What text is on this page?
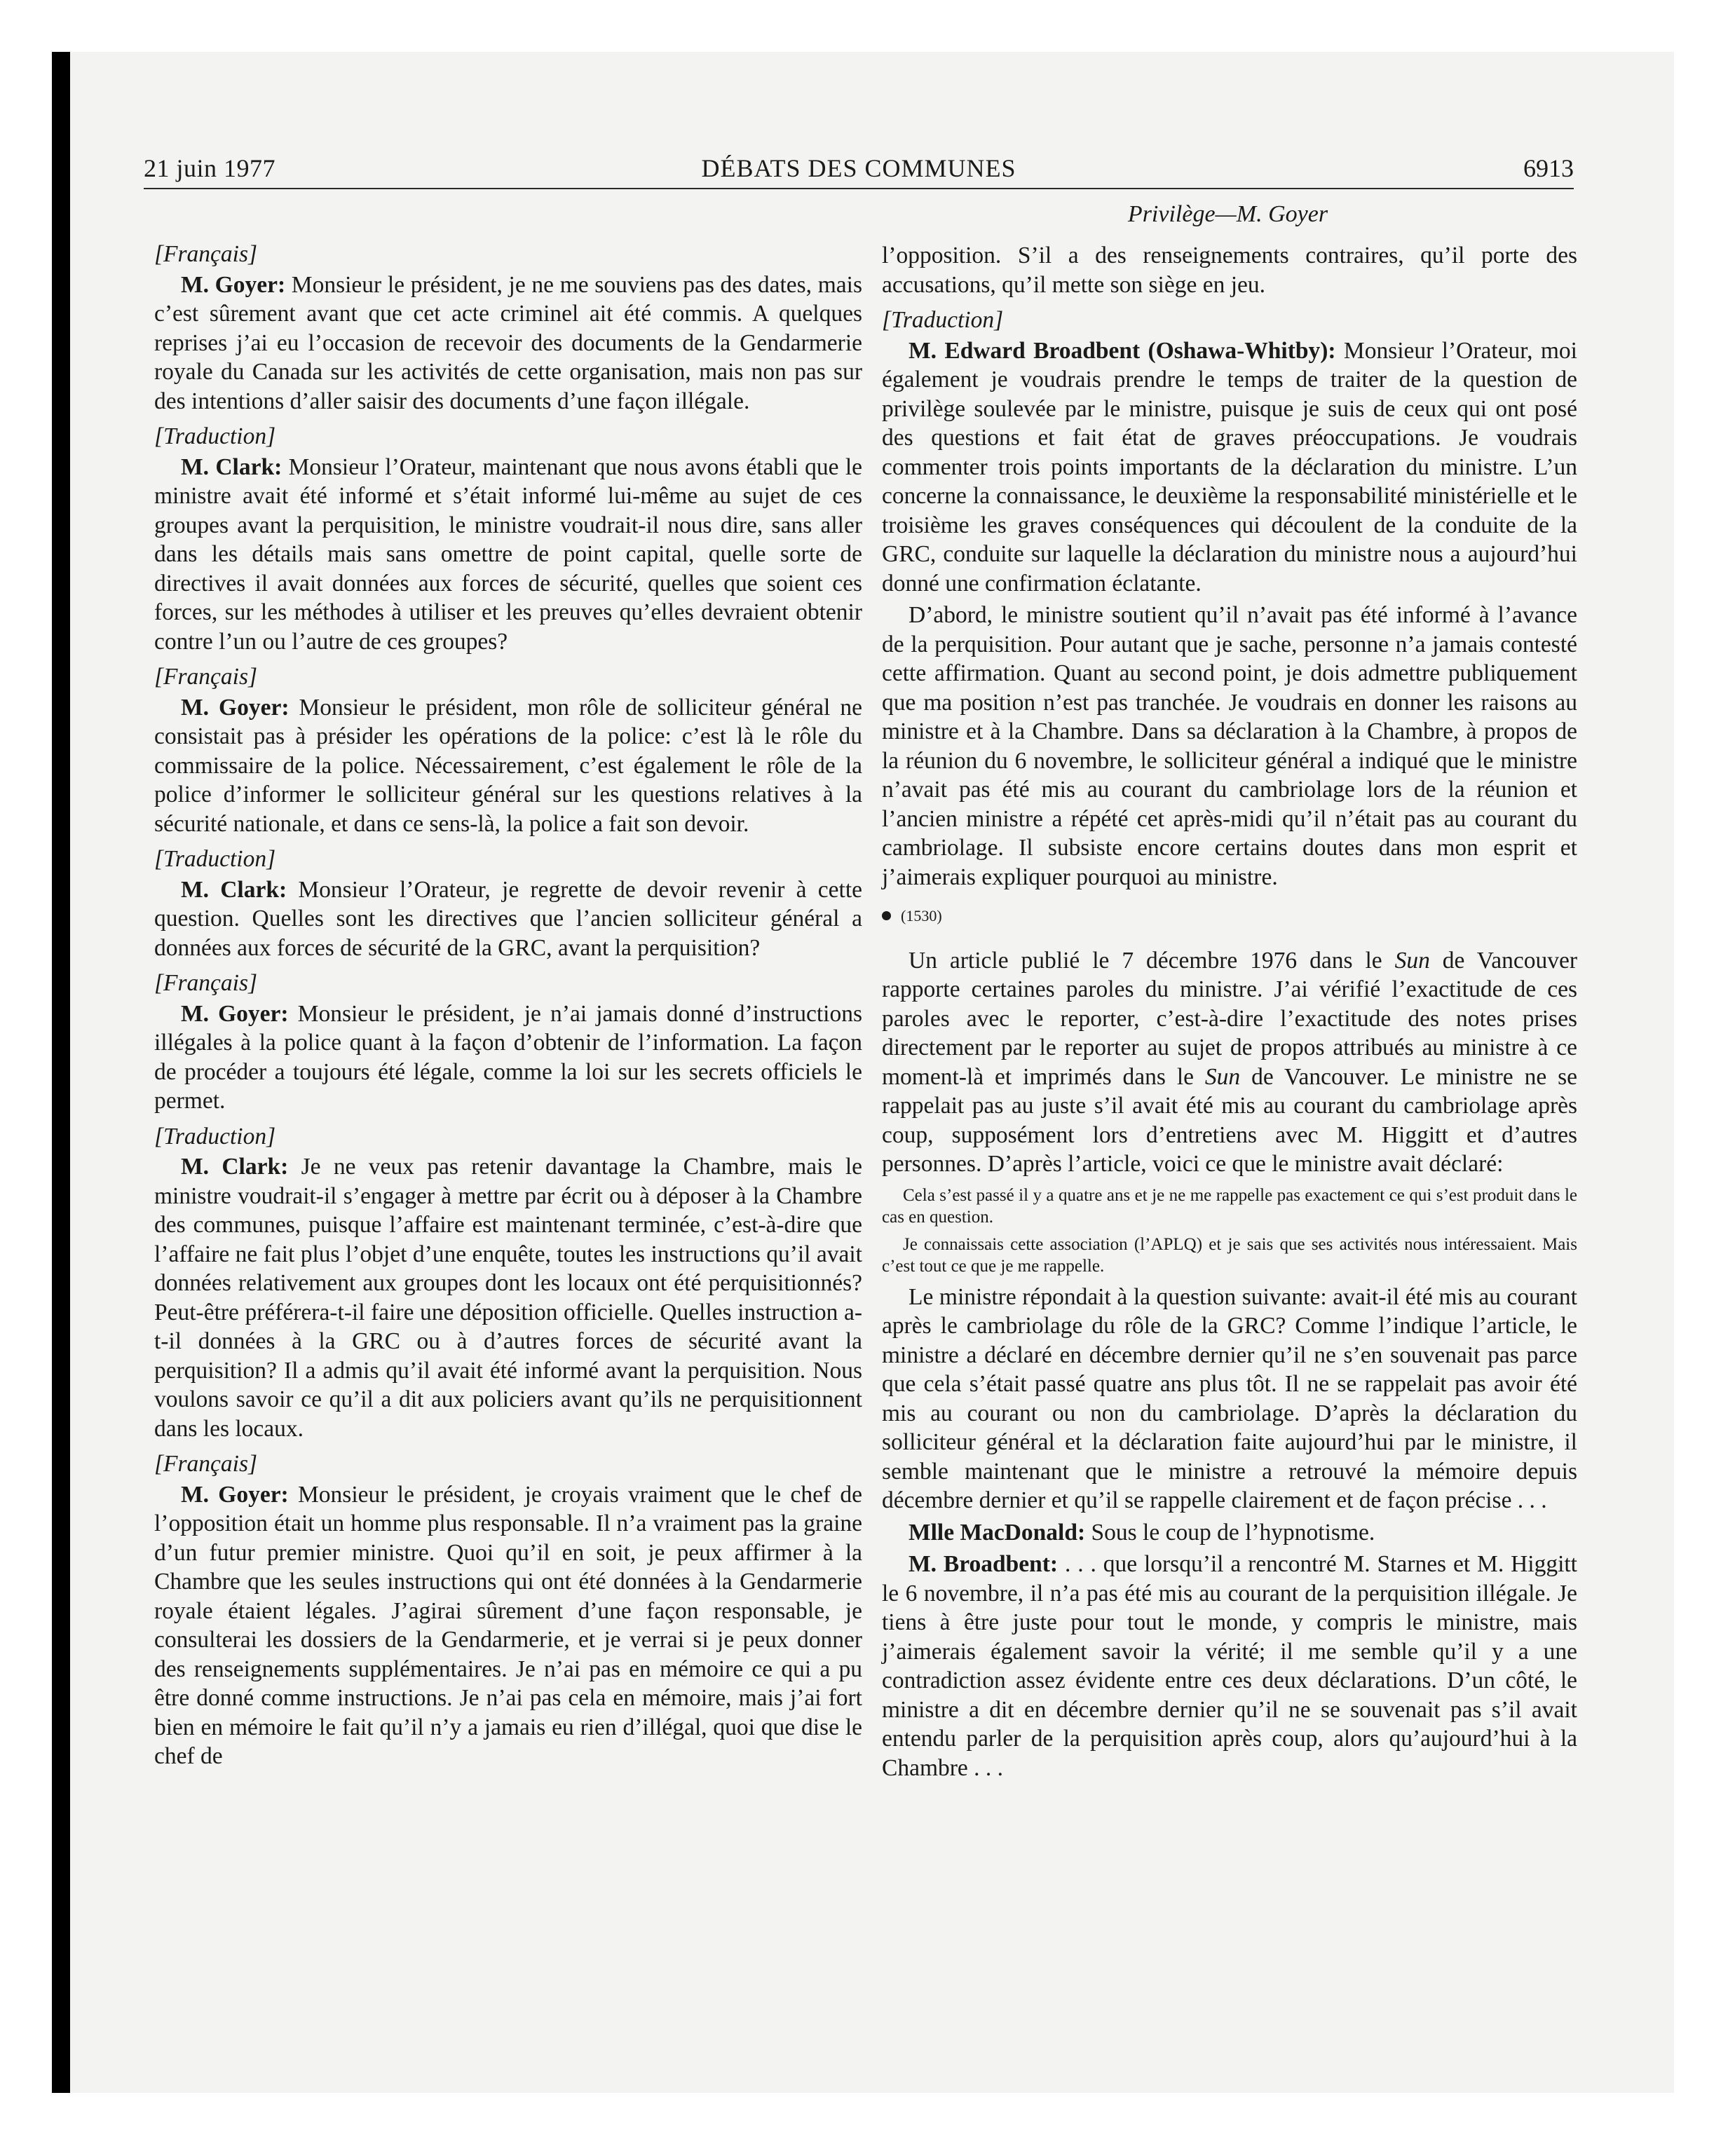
21 juin 1977	DÉBATS DES COMMUNES	6913
Privilège—M. Goyer
[Français]

M. Goyer: Monsieur le président, je ne me souviens pas des dates, mais c’est sûrement avant que cet acte criminel ait été commis. A quelques reprises j’ai eu l’occasion de recevoir des documents de la Gendarmerie royale du Canada sur les activités de cette organisation, mais non pas sur des intentions d’aller saisir des documents d’une façon illégale.

[Traduction]

M. Clark: Monsieur l’Orateur, maintenant que nous avons établi que le ministre avait été informé et s’était informé lui-même au sujet de ces groupes avant la perquisition, le ministre voudrait-il nous dire, sans aller dans les détails mais sans omettre de point capital, quelle sorte de directives il avait données aux forces de sécurité, quelles que soient ces forces, sur les méthodes à utiliser et les preuves qu’elles devraient obtenir contre l’un ou l’autre de ces groupes?

[Français]

M. Goyer: Monsieur le président, mon rôle de solliciteur général ne consistait pas à présider les opérations de la police: c’est là le rôle du commissaire de la police. Nécessairement, c’est également le rôle de la police d’informer le solliciteur général sur les questions relatives à la sécurité nationale, et dans ce sens-là, la police a fait son devoir.

[Traduction]

M. Clark: Monsieur l’Orateur, je regrette de devoir revenir à cette question. Quelles sont les directives que l’ancien solliciteur général a données aux forces de sécurité de la GRC, avant la perquisition?

[Français]

M. Goyer: Monsieur le président, je n’ai jamais donné d’instructions illégales à la police quant à la façon d’obtenir de l’information. La façon de procéder a toujours été légale, comme la loi sur les secrets officiels le permet.

[Traduction]

M. Clark: Je ne veux pas retenir davantage la Chambre, mais le ministre voudrait-il s’engager à mettre par écrit ou à déposer à la Chambre des communes, puisque l’affaire est maintenant terminée, c’est-à-dire que l’affaire ne fait plus l’objet d’une enquête, toutes les instructions qu’il avait données relativement aux groupes dont les locaux ont été perquisitionnés? Peut-être préférera-t-il faire une déposition officielle. Quelles instruction a-t-il données à la GRC ou à d’autres forces de sécurité avant la perquisition? Il a admis qu’il avait été informé avant la perquisition. Nous voulons savoir ce qu’il a dit aux policiers avant qu’ils ne perquisitionnent dans les locaux.

[Français]

M. Goyer: Monsieur le président, je croyais vraiment que le chef de l’opposition était un homme plus responsable. Il n’a vraiment pas la graine d’un futur premier ministre. Quoi qu’il en soit, je peux affirmer à la Chambre que les seules instructions qui ont été données à la Gendarmerie royale étaient légales. J’agirai sûrement d’une façon responsable, je consulterai les dossiers de la Gendarmerie, et je verrai si je peux donner des renseignements supplémentaires. Je n’ai pas en mémoire ce qui a pu être donné comme instructions. Je n’ai pas cela en mémoire, mais j’ai fort bien en mémoire le fait qu’il n’y a jamais eu rien d’illégal, quoi que dise le chef de

l’opposition. S’il a des renseignements contraires, qu’il porte des accusations, qu’il mette son siège en jeu.

[Traduction]

M. Edward Broadbent (Oshawa-Whitby): Monsieur l’Orateur, moi également je voudrais prendre le temps de traiter de la question de privilège soulevée par le ministre, puisque je suis de ceux qui ont posé des questions et fait état de graves préoccupations. Je voudrais commenter trois points importants de la déclaration du ministre. L’un concerne la connaissance, le deuxième la responsabilité ministérielle et le troisième les graves conséquences qui découlent de la conduite de la GRC, conduite sur laquelle la déclaration du ministre nous a aujourd’hui donné une confirmation éclatante.

D’abord, le ministre soutient qu’il n’avait pas été informé à l’avance de la perquisition. Pour autant que je sache, personne n’a jamais contesté cette affirmation. Quant au second point, je dois admettre publiquement que ma position n’est pas tranchée. Je voudrais en donner les raisons au ministre et à la Chambre. Dans sa déclaration à la Chambre, à propos de la réunion du 6 novembre, le solliciteur général a indiqué que le ministre n’avait pas été mis au courant du cambriolage lors de la réunion et l’ancien ministre a répété cet après-midi qu’il n’était pas au courant du cambriolage. Il subsiste encore certains doutes dans mon esprit et j’aimerais expliquer pourquoi au ministre.

(1530)

Un article publié le 7 décembre 1976 dans le Sun de Vancouver rapporte certaines paroles du ministre. J’ai vérifié l’exactitude de ces paroles avec le reporter, c’est-à-dire l’exactitude des notes prises directement par le reporter au sujet de propos attribués au ministre à ce moment-là et imprimés dans le Sun de Vancouver. Le ministre ne se rappelait pas au juste s’il avait été mis au courant du cambriolage après coup, supposément lors d’entretiens avec M. Higgitt et d’autres personnes. D’après l’article, voici ce que le ministre avait déclaré:

Cela s’est passé il y a quatre ans et je ne me rappelle pas exactement ce qui s’est produit dans le cas en question.

Je connaissais cette association (l’APLQ) et je sais que ses activités nous intéressaient. Mais c’est tout ce que je me rappelle.

Le ministre répondait à la question suivante: avait-il été mis au courant après le cambriolage du rôle de la GRC? Comme l’indique l’article, le ministre a déclaré en décembre dernier qu’il ne s’en souvenait pas parce que cela s’était passé quatre ans plus tôt. Il ne se rappelait pas avoir été mis au courant ou non du cambriolage. D’après la déclaration du solliciteur général et la déclaration faite aujourd’hui par le ministre, il semble maintenant que le ministre a retrouvé la mémoire depuis décembre dernier et qu’il se rappelle clairement et de façon précise . . .

Mlle MacDonald: Sous le coup de l’hypnotisme.

M. Broadbent: . . . que lorsqu’il a rencontré M. Starnes et M. Higgitt le 6 novembre, il n’a pas été mis au courant de la perquisition illégale. Je tiens à être juste pour tout le monde, y compris le ministre, mais j’aimerais également savoir la vérité; il me semble qu’il y a une contradiction assez évidente entre ces deux déclarations. D’un côté, le ministre a dit en décembre dernier qu’il ne se souvenait pas s’il avait entendu parler de la perquisition après coup, alors qu’aujourd’hui à la Chambre . . .
